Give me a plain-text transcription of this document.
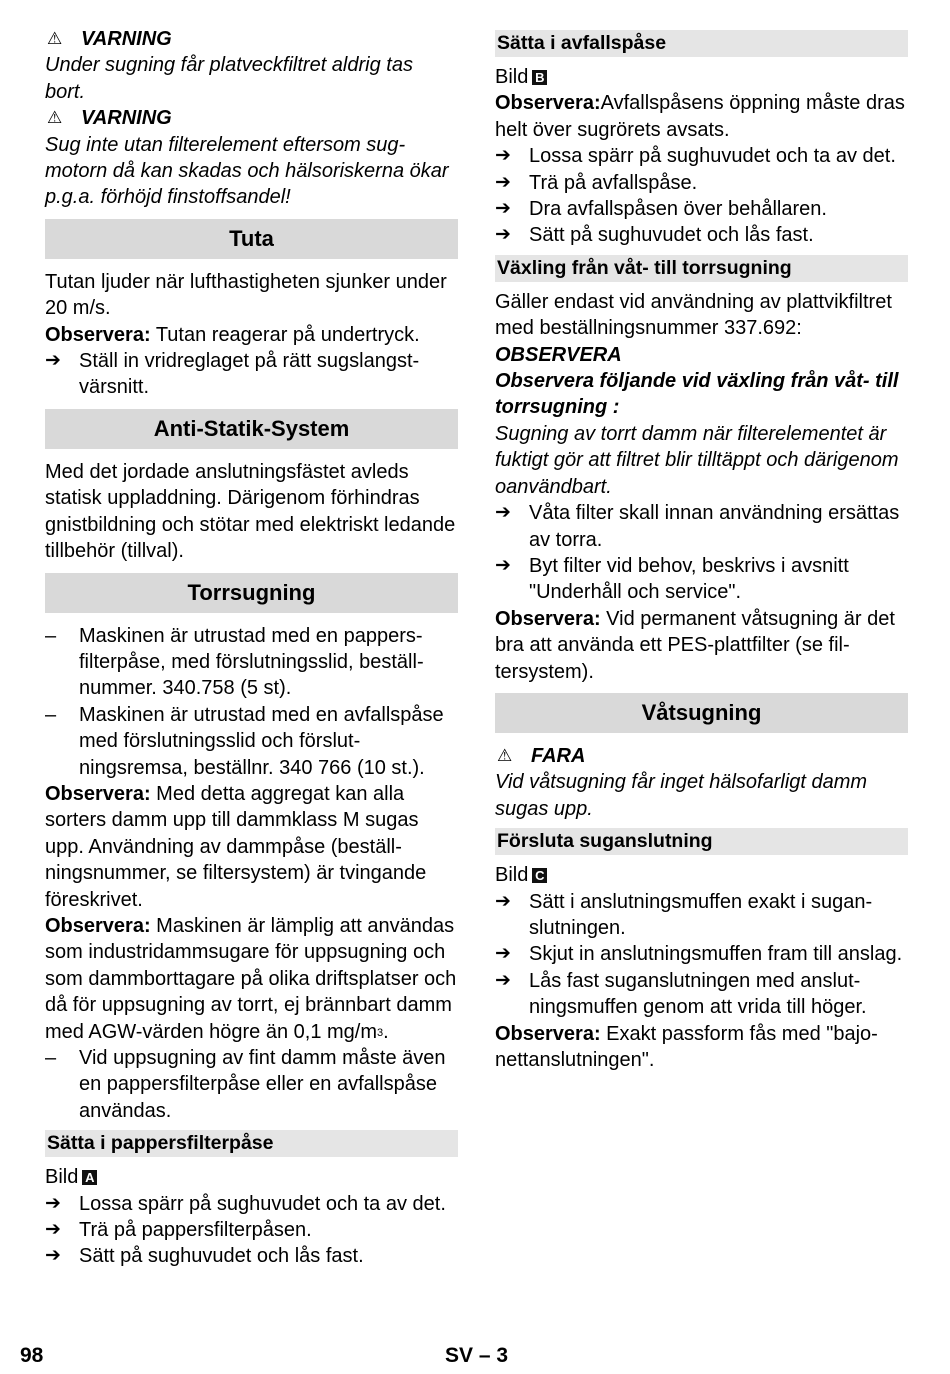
⚠ VARNING

Under sugning får platveckfiltret aldrig tas bort.

⚠ VARNING

Sug inte utan filterelement eftersom sugmotorn då kan skadas och hälsoriskerna ökar p.g.a. förhöjd finstoffsandel!

Tuta

Tutan ljuder när lufthastigheten sjunker under 20 m/s.

Observera: Tutan reagerar på undertryck.

➔ Ställ in vridreglaget på rätt sugslangstvärsnitt.
Anti-Statik-System

Med det jordade anslutningsfästet avleds statisk uppladdning. Därigenom förhindras gnistbildning och stötar med elektriskt ledande tillbehör (tillval).

Torrsugning
–	Maskinen är utrustad med en pappersfilterpåse, med förslutningsslid, beställnummer. 340.758 (5 st).
–	Maskinen är utrustad med en avfallspåse med förslutningsslid och förslutningsremsa, beställnr. 340 766 (10 st.).

Observera: Med detta aggregat kan alla sorters damm upp till dammklass M sugas upp. Användning av dammpåse (beställningsnummer, se filtersystem) är tvingande föreskrivet.

Observera: Maskinen är lämplig att användas som industridammsugare för uppsugning och som dammborttagare på olika driftsplatser och då för uppsugning av torrt, ej brännbart damm med AGW-värden högre än 0,1 $mg/m^3$.

–	Vid uppsugning av fint damm måste även en pappersfilterpåse eller en avfallspåse användas.
Sätta i pappersfilterpåse

Bild A

➔ Lossa spärr på sughuvudet och ta av det.
➔ Trä på pappersfilterpåsen.
➔ Sätt på sughuvudet och lås fast.
Sätta i avfallspåse

Bild B

Observera:Avfallspåsens öppning måste dras helt över sugrörets avsats.

➔ Lossa spärr på sughuvudet och ta av det.
➔ Trä på avfallspåse.
➔ Dra avfallspåsen över behållaren.
➔ Sätt på sughuvudet och lås fast.
Växling från våt- till torrsugning

Gäller endast vid användning av plattvikfiltret med beställningsnummer 337.692:

OBSERVERA

Observera följande vid växling från våt- till torrsugning :

Sugning av torrt damm när filterelementet är fuktigt gör att filtret blir tilltäppt och därigenom oanvändbart.

➔ Våta filter skall innan användning ersättas av torra.
➔ Byt filter vid behov, beskrivs i avsnitt "Underhåll och service".

Observera: Vid permanent våtsugning är det bra att använda ett PES-plattfilter (se filtersystem).

Våtsugning

⚠ FARA

Vid våtsugning får inget hälsofarligt damm sugas upp.

Försluta suganslutning

Bild C

➔ Sätt i anslutningsmuffen exakt i suganslutningen.
➔ Skjut in anslutningsmuffen fram till anslag.
➔ Lås fast suganslutningen med anslutningsmuffen genom att vrida till höger.

Observera: Exakt passform fås med "bajonettanslutningen".

98	SV – 3
